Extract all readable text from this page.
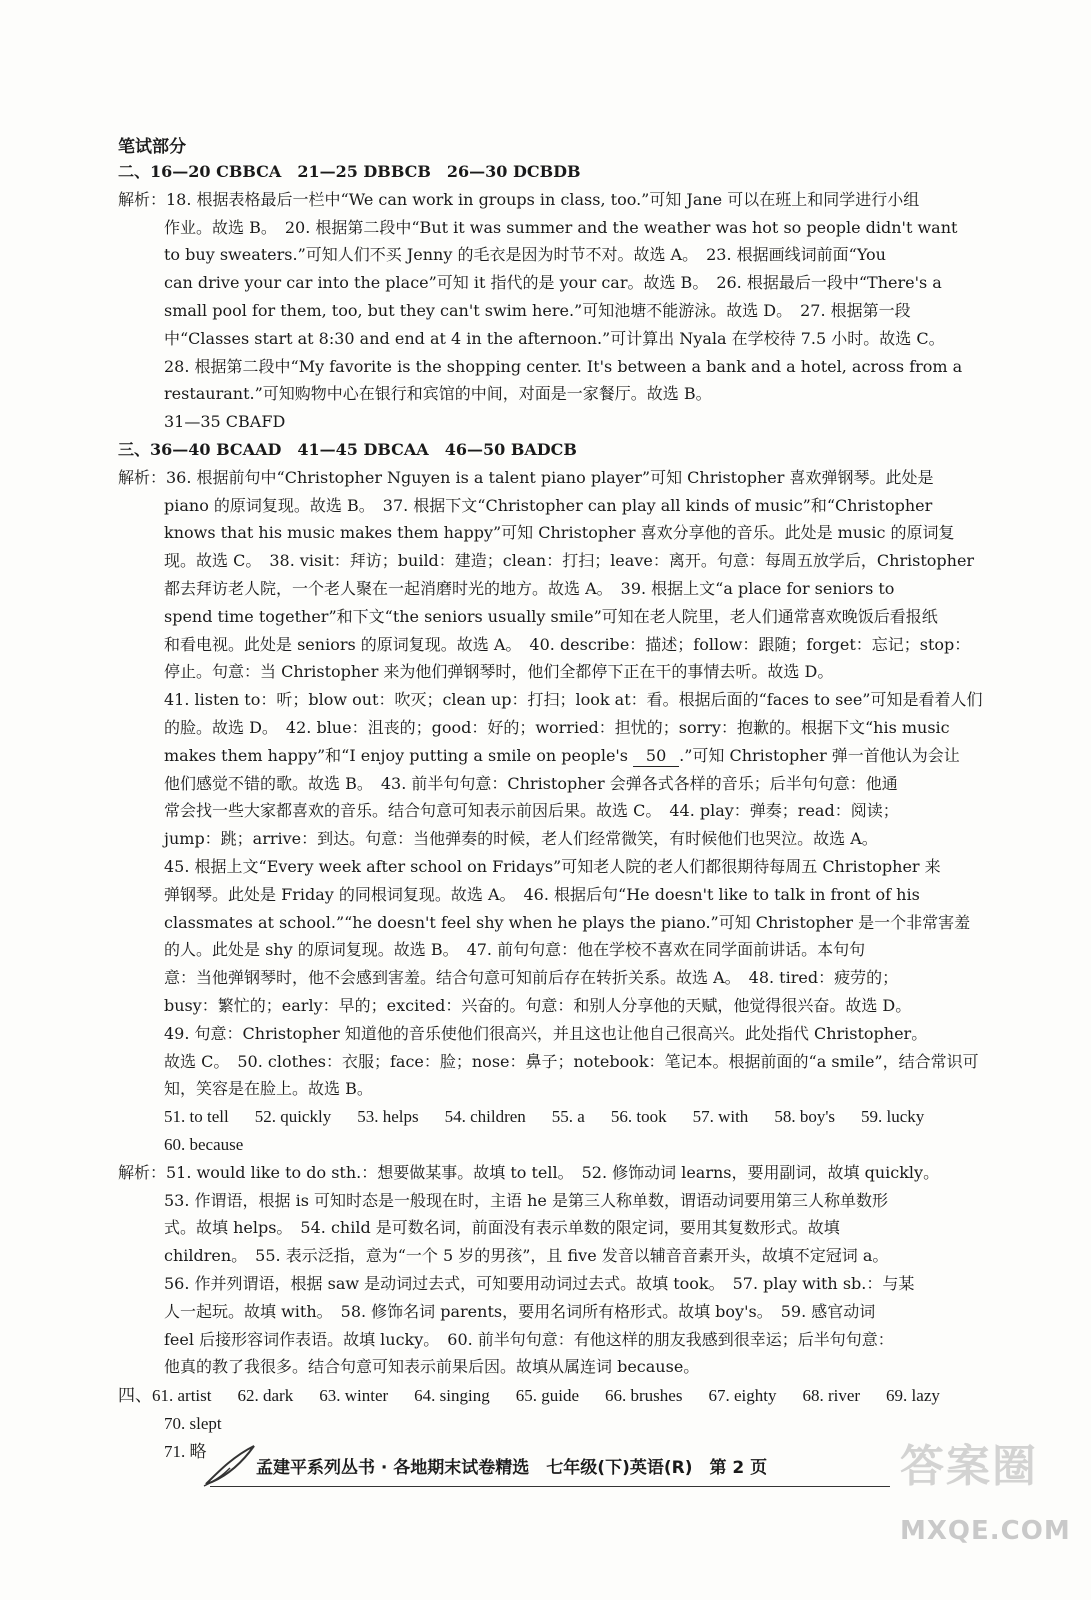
笔试部分
二、16—20 CBBCA　21—25 DBBCB　26—30 DCBDB
解析：18. 根据表格最后一栏中“We can work in groups in class, too.”可知 Jane 可以在班上和同学进行小组
作业。故选 B。　20. 根据第二段中“But it was summer and the weather was hot so people didn't want
to buy sweaters.”可知人们不买 Jenny 的毛衣是因为时节不对。故选 A。　23. 根据画线词前面“You
can drive your car into the place”可知 it 指代的是 your car。故选 B。　26. 根据最后一段中“There's a
small pool for them, too, but they can't swim here.”可知池塘不能游泳。故选 D。　27. 根据第一段
中“Classes start at 8:30 and end at 4 in the afternoon.”可计算出 Nyala 在学校待 7.5 小时。故选 C。
28. 根据第二段中“My favorite is the shopping center. It's between a bank and a hotel, across from a
restaurant.”可知购物中心在银行和宾馆的中间，对面是一家餐厅。故选 B。
31—35 CBAFD
三、36—40 BCAAD　41—45 DBCAA　46—50 BADCB
解析：36. 根据前句中“Christopher Nguyen is a talent piano player”可知 Christopher 喜欢弹钢琴。此处是
piano 的原词复现。故选 B。　37. 根据下文“Christopher can play all kinds of music”和“Christopher
knows that his music makes them happy”可知 Christopher 喜欢分享他的音乐。此处是 music 的原词复
现。故选 C。　38. visit：拜访；build：建造；clean：打扫；leave：离开。句意：每周五放学后，Christopher
都去拜访老人院，一个老人聚在一起消磨时光的地方。故选 A。　39. 根据上文“a place for seniors to
spend time together”和下文“the seniors usually smile”可知在老人院里，老人们通常喜欢晚饭后看报纸
和看电视。此处是 seniors 的原词复现。故选 A。　40. describe：描述；follow：跟随；forget：忘记；stop：
停止。句意：当 Christopher 来为他们弹钢琴时，他们全都停下正在干的事情去听。故选 D。
41. listen to：听；blow out：吹灭；clean up：打扫；look at：看。根据后面的“faces to see”可知是看着人们
的脸。故选 D。　42. blue：沮丧的；good：好的；worried：担忧的；sorry：抱歉的。根据下文“his music
makes them happy”和“I enjoy putting a smile on people's 50 .”可知 Christopher 弹一首他认为会让
他们感觉不错的歌。故选 B。　43. 前半句句意：Christopher 会弹各式各样的音乐；后半句句意：他通
常会找一些大家都喜欢的音乐。结合句意可知表示前因后果。故选 C。　44. play：弹奏；read：阅读；
jump：跳；arrive：到达。句意：当他弹奏的时候，老人们经常微笑，有时候他们也哭泣。故选 A。
45. 根据上文“Every week after school on Fridays”可知老人院的老人们都很期待每周五 Christopher 来
弹钢琴。此处是 Friday 的同根词复现。故选 A。　46. 根据后句“He doesn't like to talk in front of his
classmates at school.”“he doesn't feel shy when he plays the piano.”可知 Christopher 是一个非常害羞
的人。此处是 shy 的原词复现。故选 B。　47. 前句句意：他在学校不喜欢在同学面前讲话。本句句
意：当他弹钢琴时，他不会感到害羞。结合句意可知前后存在转折关系。故选 A。　48. tired：疲劳的；
busy：繁忙的；early：早的；excited：兴奋的。句意：和别人分享他的天赋，他觉得很兴奋。故选 D。
49. 句意：Christopher 知道他的音乐使他们很高兴，并且这也让他自己很高兴。此处指代 Christopher。
故选 C。　50. clothes：衣服；face：脸；nose：鼻子；notebook：笔记本。根据前面的“a smile”，结合常识可
知，笑容是在脸上。故选 B。
51. to tell 52. quickly 53. helps 54. children 55. a 56. took 57. with 58. boy's 59. lucky
60. because
解析：51. would like to do sth.：想要做某事。故填 to tell。　52. 修饰动词 learns，要用副词，故填 quickly。
53. 作谓语，根据 is 可知时态是一般现在时，主语 he 是第三人称单数，谓语动词要用第三人称单数形
式。故填 helps。　54. child 是可数名词，前面没有表示单数的限定词，要用其复数形式。故填
children。　55. 表示泛指，意为“一个 5 岁的男孩”，且 five 发音以辅音音素开头，故填不定冠词 a。
56. 作并列谓语，根据 saw 是动词过去式，可知要用动词过去式。故填 took。　57. play with sb.：与某
人一起玩。故填 with。　58. 修饰名词 parents，要用名词所有格形式。故填 boy's。　59. 感官动词
feel 后接形容词作表语。故填 lucky。　60. 前半句句意：有他这样的朋友我感到很幸运；后半句句意：
他真的教了我很多。结合句意可知表示前果后因。故填从属连词 because。
四、61. artist 62. dark 63. winter 64. singing 65. guide 66. brushes 67. eighty 68. river 69. lazy
70. slept
71. 略
孟建平系列丛书 · 各地期末试卷精选　七年级(下)英语(R)　第 2 页	答案圈
MXQE.COM
